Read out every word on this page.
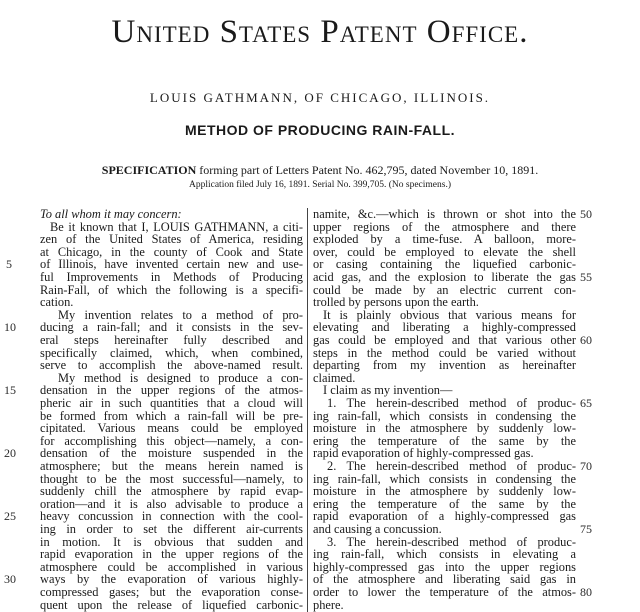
United States Patent Office.
LOUIS GATHMANN, OF CHICAGO, ILLINOIS.
METHOD OF PRODUCING RAIN-FALL.
SPECIFICATION forming part of Letters Patent No. 462,795, dated November 10, 1891.
Application filed July 16, 1891. Serial No. 399,705. (No specimens.)
To all whom it may concern:
Be it known that I, LOUIS GATHMANN, a citi-
zen of the United States of America, residing
at Chicago, in the county of Cook and State
of Illinois, have invented certain new and use-
ful Improvements in Methods of Producing
Rain-Fall, of which the following is a specifi-
cation.
My invention relates to a method of pro-
ducing a rain-fall; and it consists in the sev-
eral steps hereinafter fully described and
specifically claimed, which, when combined,
serve to accomplish the above-named result.
My method is designed to produce a con-
densation in the upper regions of the atmos-
pheric air in such quantities that a cloud will
be formed from which a rain-fall will be pre-
cipitated. Various means could be employed
for accomplishing this object—namely, a con-
densation of the moisture suspended in the
atmosphere; but the means herein named is
thought to be the most successful—namely, to
suddenly chill the atmosphere by rapid evap-
oration—and it is also advisable to produce a
heavy concussion in connection with the cool-
ing in order to set the different air-currents
in motion. It is obvious that sudden and
rapid evaporation in the upper regions of the
atmosphere could be accomplished in various
ways by the evaporation of various highly-
compressed gases; but the evaporation conse-
quent upon the release of liquefied carbonic-
5
10
15
20
25
30
namite, &c.—which is thrown or shot into the
upper regions of the atmosphere and there
exploded by a time-fuse. A balloon, more-
over, could be employed to elevate the shell
or casing containing the liquefied carbonic-
acid gas, and the explosion to liberate the gas
could be made by an electric current con-
trolled by persons upon the earth.
It is plainly obvious that various means for
elevating and liberating a highly-compressed
gas could be employed and that various other
steps in the method could be varied without
departing from my invention as hereinafter
claimed.
I claim as my invention—
1. The herein-described method of produc-
ing rain-fall, which consists in condensing the
moisture in the atmosphere by suddenly low-
ering the temperature of the same by the
rapid evaporation of highly-compressed gas.
2. The herein-described method of produc-
ing rain-fall, which consists in condensing the
moisture in the atmosphere by suddenly low-
ering the temperature of the same by the
rapid evaporation of a highly-compressed gas
and causing a concussion.
3. The herein-described method of produc-
ing rain-fall, which consists in elevating a
highly-compressed gas into the upper regions
of the atmosphere and liberating said gas in
order to lower the temperature of the atmos-
phere.
50
55
60
65
70
75
80
